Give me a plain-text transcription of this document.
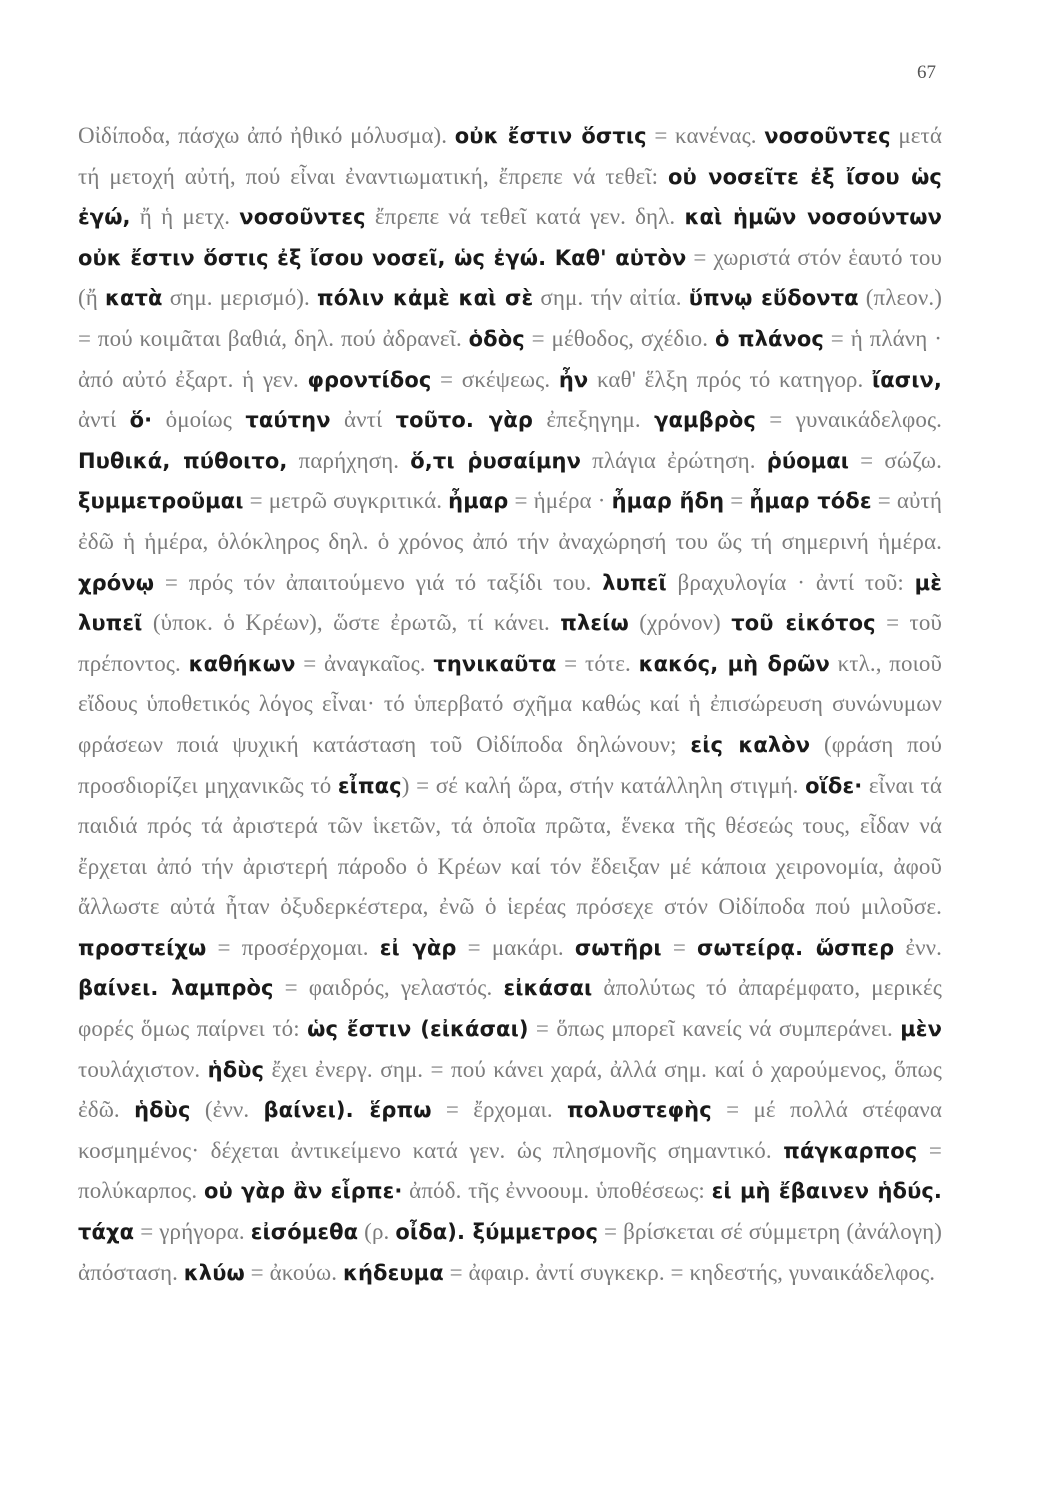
67
Οἰδίποδα, πάσχω ἀπό ἠθικό μόλυσμα). οὐκ ἔστιν ὅστις = κανένας. νοσοῦντες μετά τή μετοχή αὐτή, πού εἶναι ἐναντιωματική, ἔπρεπε νά τεθεῖ: οὐ νοσεῖτε ἐξ ἴσου ὡς ἐγώ, ἤ ἡ μετχ. νοσοῦντες ἔπρεπε νά τεθεῖ κατά γεν. δηλ. καὶ ἡμῶν νοσούντων οὐκ ἔστιν ὅστις ἐξ ἴσου νοσεῖ, ὡς ἐγώ. Καθ' αὑτὸν = χωριστά στόν ἑαυτό του (ἤ κατὰ σημ. μερισμό). πόλιν κἀμὲ καὶ σὲ σημ. τήν αἰτία. ὕπνῳ εὕδοντα (πλεον.) = πού κοιμᾶται βαθιά, δηλ. πού ἀδρανεῖ. ὁδὸς = μέθοδος, σχέδιο. ὁ πλάνος = ἡ πλάνη · ἀπό αὐτό ἐξαρτ. ἡ γεν. φροντίδος = σκέψεως. ἦν καθ' ἕλξη πρός τό κατηγορ. ἴασιν, ἀντί ὅ· ὁμοίως ταύτην ἀντί τοῦτο. γὰρ ἐπεξηγημ. γαμβρὸς = γυναικάδελφος. Πυθικά, πύθοιτο, παρήχηση. ὅ,τι ῥυσαίμην πλάγια ἐρώτηση. ῥύομαι = σώζω. ξυμμετροῦμαι = μετρῶ συγκριτικά. ἦμαρ = ἡμέρα · ἦμαρ ἤδη = ἦμαρ τόδε = αὐτή ἐδῶ ἡ ἡμέρα, ὁλόκληρος δηλ. ὁ χρόνος ἀπό τήν ἀναχώρησή του ὥς τή σημερινή ἡμέρα. χρόνῳ = πρός τόν ἀπαιτούμενο γιά τό ταξίδι του. λυπεῖ βραχυλογία · ἀντί τοῦ: μὲ λυπεῖ (ὑποκ. ὁ Κρέων), ὥστε ἐρωτῶ, τί κάνει. πλείω (χρόνον) τοῦ εἰκότος = τοῦ πρέποντος. καθήκων = ἀναγκαῖος. τηνικαῦτα = τότε. κακός, μὴ δρῶν κτλ., ποιοῦ εἴδους ὑποθετικός λόγος εἶναι· τό ὑπερβατό σχῆμα καθώς καί ἡ ἐπισώρευση συνώνυμων φράσεων ποιά ψυχική κατάσταση τοῦ Οἰδίποδα δηλώνουν; εἰς καλὸν (φράση πού προσδιορίζει μηχανικῶς τό εἶπας) = σέ καλή ὥρα, στήν κατάλληλη στιγμή. οἵδε· εἶναι τά παιδιά πρός τά ἀριστερά τῶν ἱκετῶν, τά ὁποῖα πρῶτα, ἕνεκα τῆς θέσεώς τους, εἶδαν νά ἔρχεται ἀπό τήν ἀριστερή πάροδο ὁ Κρέων καί τόν ἔδειξαν μέ κάποια χειρονομία, ἀφοῦ ἄλλωστε αὐτά ἦταν ὀξυδερκέστερα, ἐνῶ ὁ ἱερέας πρόσεχε στόν Οἰδίποδα πού μιλοῦσε. προστείχω = προσέρχομαι. εἰ γὰρ = μακάρι. σωτῆρι = σωτείρᾳ. ὥσπερ ἐνν. βαίνει. λαμπρὸς = φαιδρός, γελαστός. εἰκάσαι ἀπολύτως τό ἀπαρέμφατο, μερικές φορές ὅμως παίρνει τό: ὡς ἔστιν (εἰκάσαι) = ὅπως μπορεῖ κανείς νά συμπεράνει. μὲν τουλάχιστον. ἡδὺς ἔχει ἐνεργ. σημ. = πού κάνει χαρά, ἀλλά σημ. καί ὁ χαρούμενος, ὅπως ἐδῶ. ἡδὺς (ἐνν. βαίνει). ἕρπω = ἔρχομαι. πολυστεφὴς = μέ πολλά στέφανα κοσμημένος· δέχεται ἀντικείμενο κατά γεν. ὡς πλησμονῆς σημαντικό. πάγκαρπος = πολύκαρπος. οὐ γὰρ ἂν εἷρπε· ἀπόδ. τῆς ἐννοουμ. ὑποθέσεως: εἰ μὴ ἔβαινεν ἡδύς. τάχα = γρήγορα. εἰσόμεθα (ρ. οἶδα). ξύμμετρος = βρίσκεται σέ σύμμετρη (ἀνάλογη) ἀπόσταση. κλύω = ἀκούω. κήδευμα = ἀφαιρ. ἀντί συγκεκρ. = κηδεστής, γυναικάδελφος.
